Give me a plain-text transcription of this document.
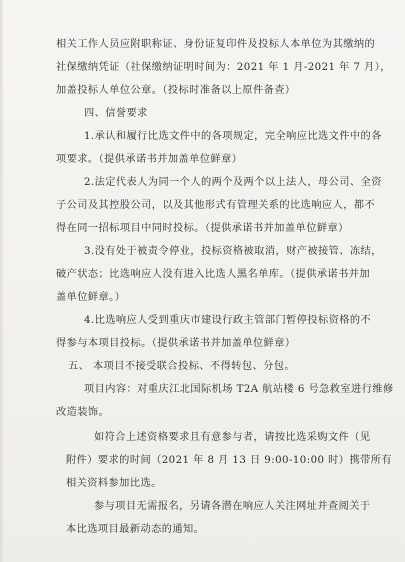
相关工作人员应附职称证、身份证复印件及投标人本单位为其缴纳的
社保缴纳凭证（社保缴纳证明时间为：2021 年 1 月-2021 年 7 月），
加盖投标人单位公章。（投标时准备以上原件备查）
四、信誉要求
1.承认和履行比选文件中的各项规定，完全响应比选文件中的各
项要求。（提供承诺书并加盖单位鲜章）
2.法定代表人为同一个人的两个及两个以上法人，母公司、全资
子公司及其控股公司，以及其他形式有管理关系的比选响应人，都不
得在同一招标项目中同时投标。（提供承诺书并加盖单位鲜章）
3.没有处于被责令停业，投标资格被取消，财产被接管、冻结，
破产状态；比选响应人没有进入比选人黑名单库。（提供承诺书并加
盖单位鲜章。）
4.比选响应人受到重庆市建设行政主管部门暂停投标资格的不
得参与本项目投标。（提供承诺书并加盖单位鲜章）
五、 本项目不接受联合投标、不得转包、分包。
项目内容：对重庆江北国际机场 T2A 航站楼 6 号急救室进行维修
改造装饰。
如符合上述资格要求且有意参与者，请按比选采购文件（见
附件）要求的时间（2021 年 8 月 13 日 9:00-10:00 时）携带所有
相关资料参加比选。
参与项目无需报名，另请各潜在响应人关注网址并查阅关于
本比选项目最新动态的通知。
